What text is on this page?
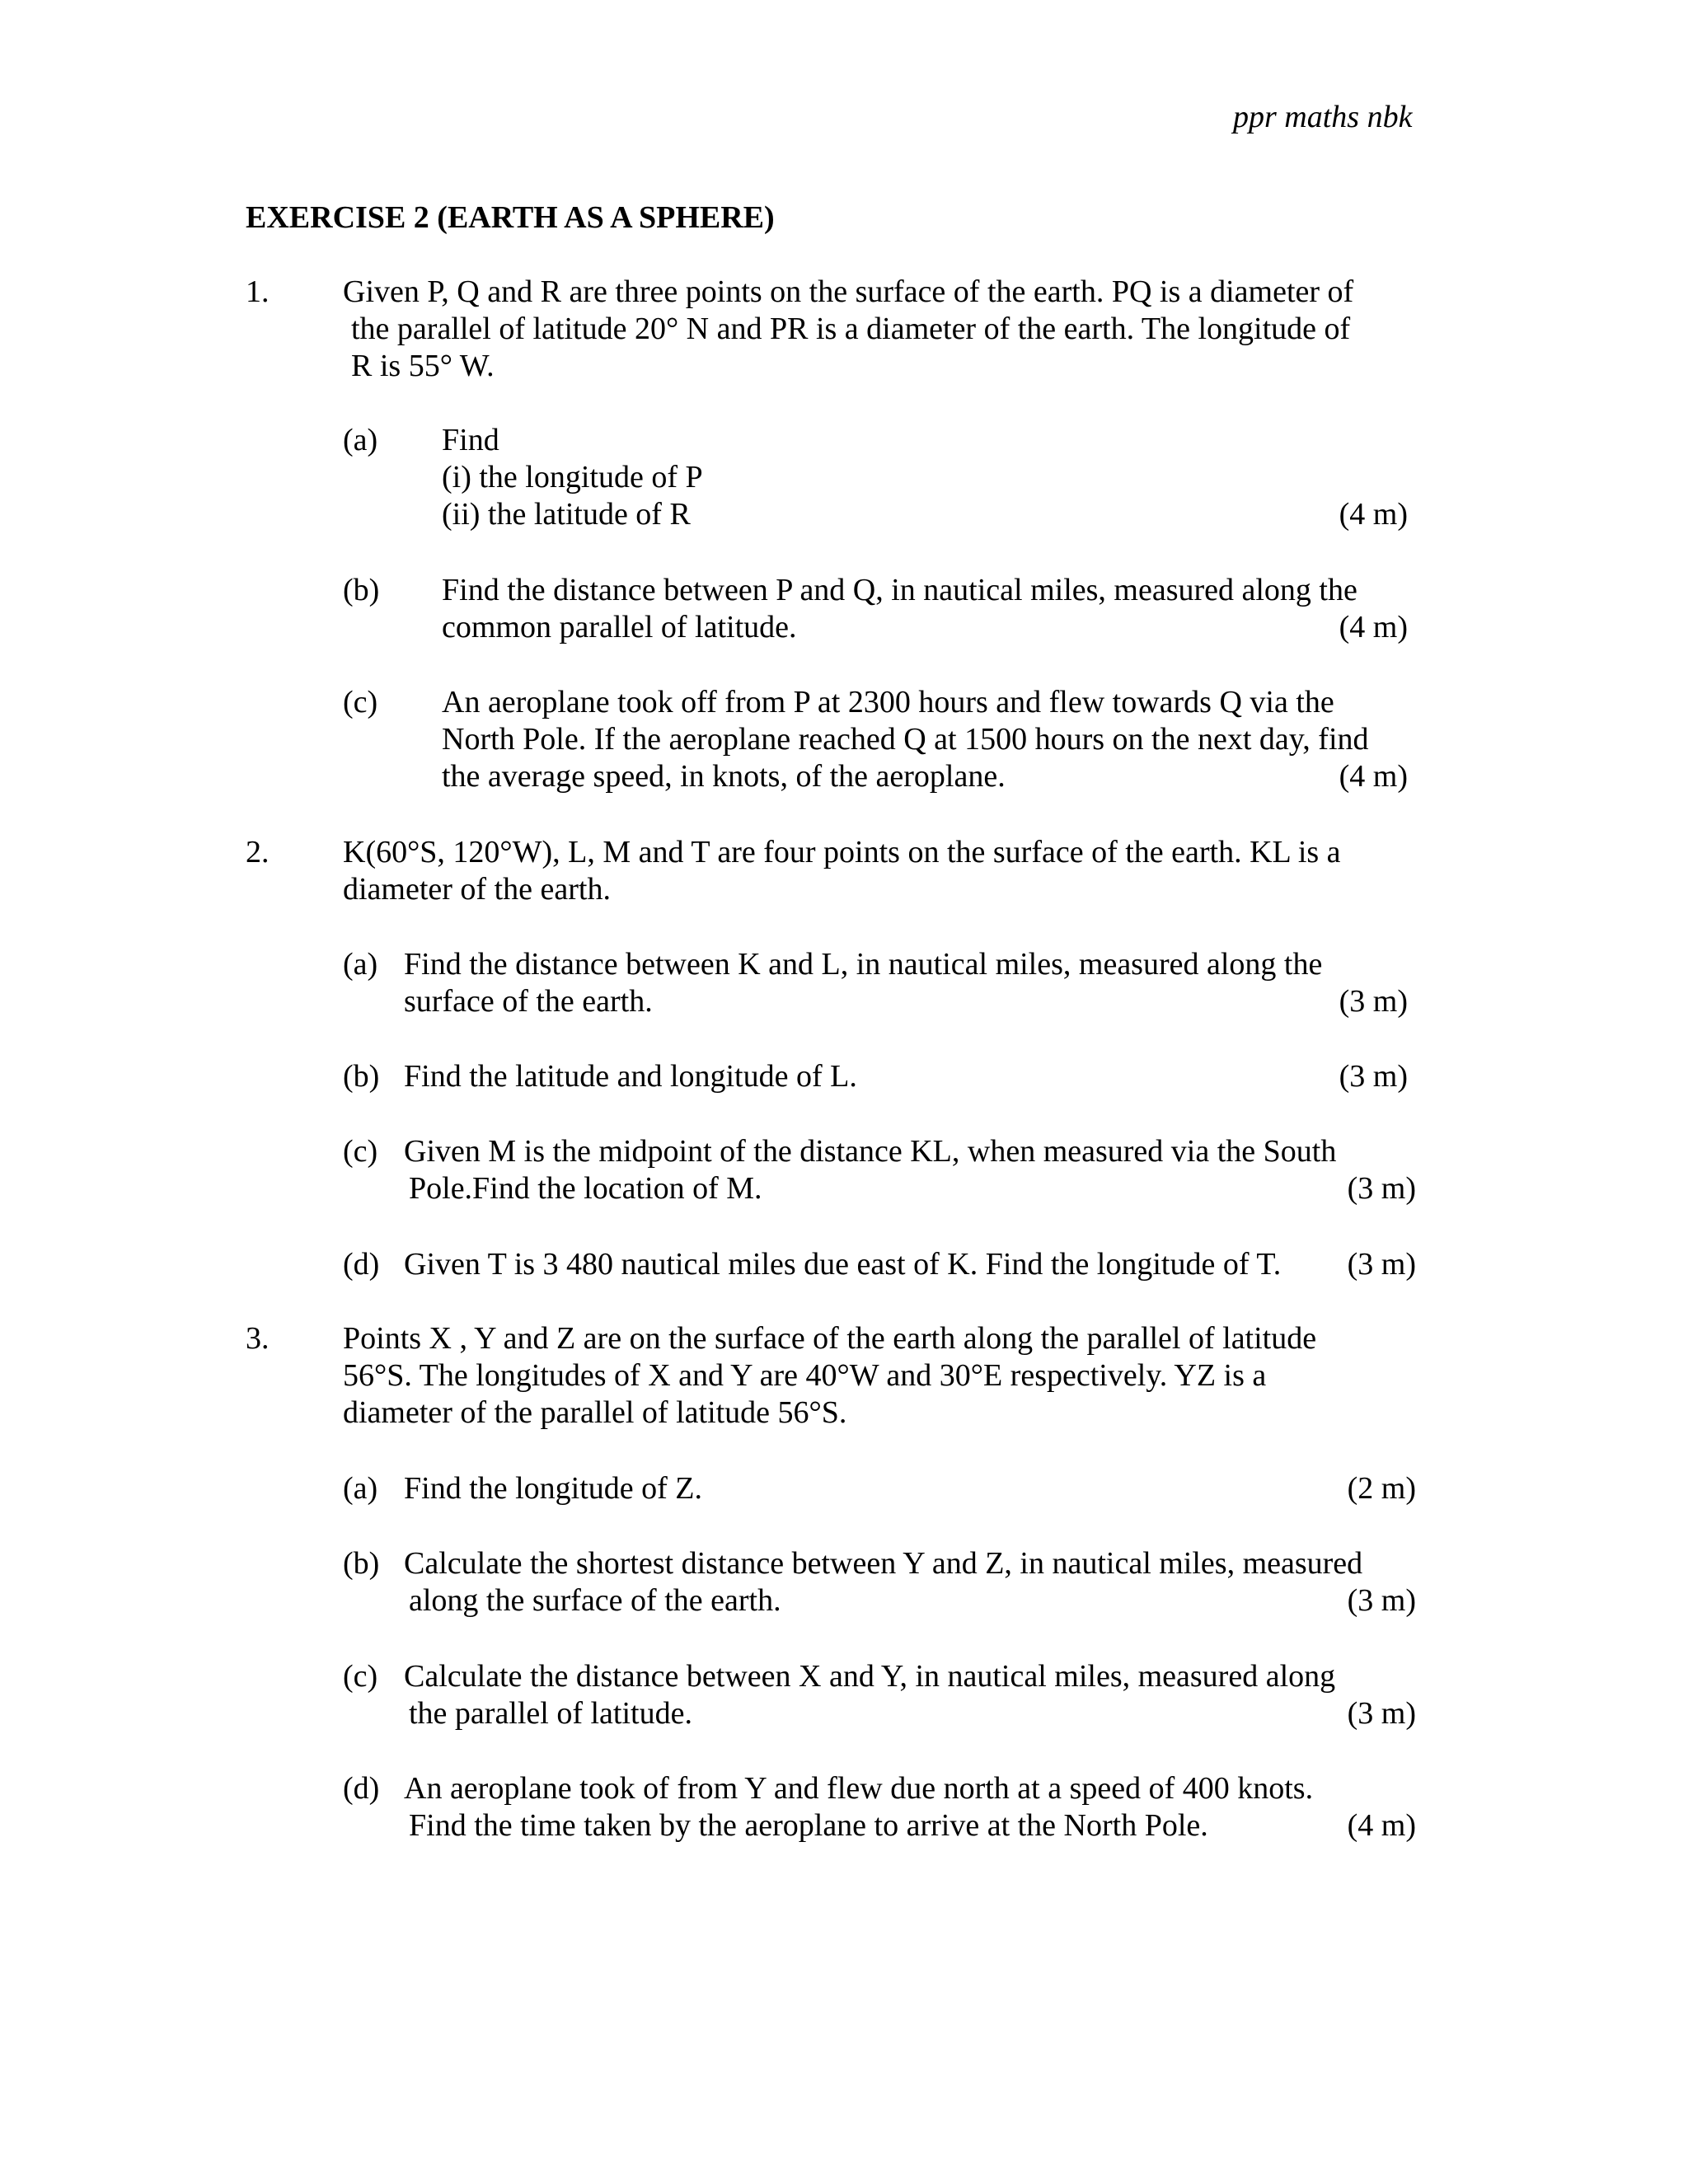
ppr maths nbk
EXERCISE 2 (EARTH AS A SPHERE)
1. Given P, Q and R are three points on the surface of the earth. PQ is a diameter of
the parallel of latitude 20° N and PR is a diameter of the earth. The longitude of
R is 55° W.
(a) Find
(i) the longitude of P
(ii) the latitude of R	(4 m)
(b) Find the distance between P and Q, in nautical miles, measured along the
common parallel of latitude.	(4 m)
(c) An aeroplane took off from P at 2300 hours and flew towards Q via the
North Pole. If the aeroplane reached Q at 1500 hours on the next day, find
the average speed, in knots, of the aeroplane.	(4 m)
2. K(60°S, 120°W), L, M and T are four points on the surface of the earth. KL is a
diameter of the earth.
(a) Find the distance between K and L, in nautical miles, measured along the
surface of the earth.	(3 m)
(b) Find the latitude and longitude of L.	(3 m)
(c) Given M is the midpoint of the distance KL, when measured via the South
Pole.Find the location of M.	(3 m)
(d) Given T is 3 480 nautical miles due east of K. Find the longitude of T. (3 m)
3. Points X , Y and Z are on the surface of the earth along the parallel of latitude
56°S. The longitudes of X and Y are 40°W and 30°E respectively. YZ is a
diameter of the parallel of latitude 56°S.
(a) Find the longitude of Z.	(2 m)
(b) Calculate the shortest distance between Y and Z, in nautical miles, measured
along the surface of the earth.	(3 m)
(c) Calculate the distance between X and Y, in nautical miles, measured along
the parallel of latitude.	(3 m)
(d) An aeroplane took of from Y and flew due north at a speed of 400 knots.
Find the time taken by the aeroplane to arrive at the North Pole.	(4 m)
